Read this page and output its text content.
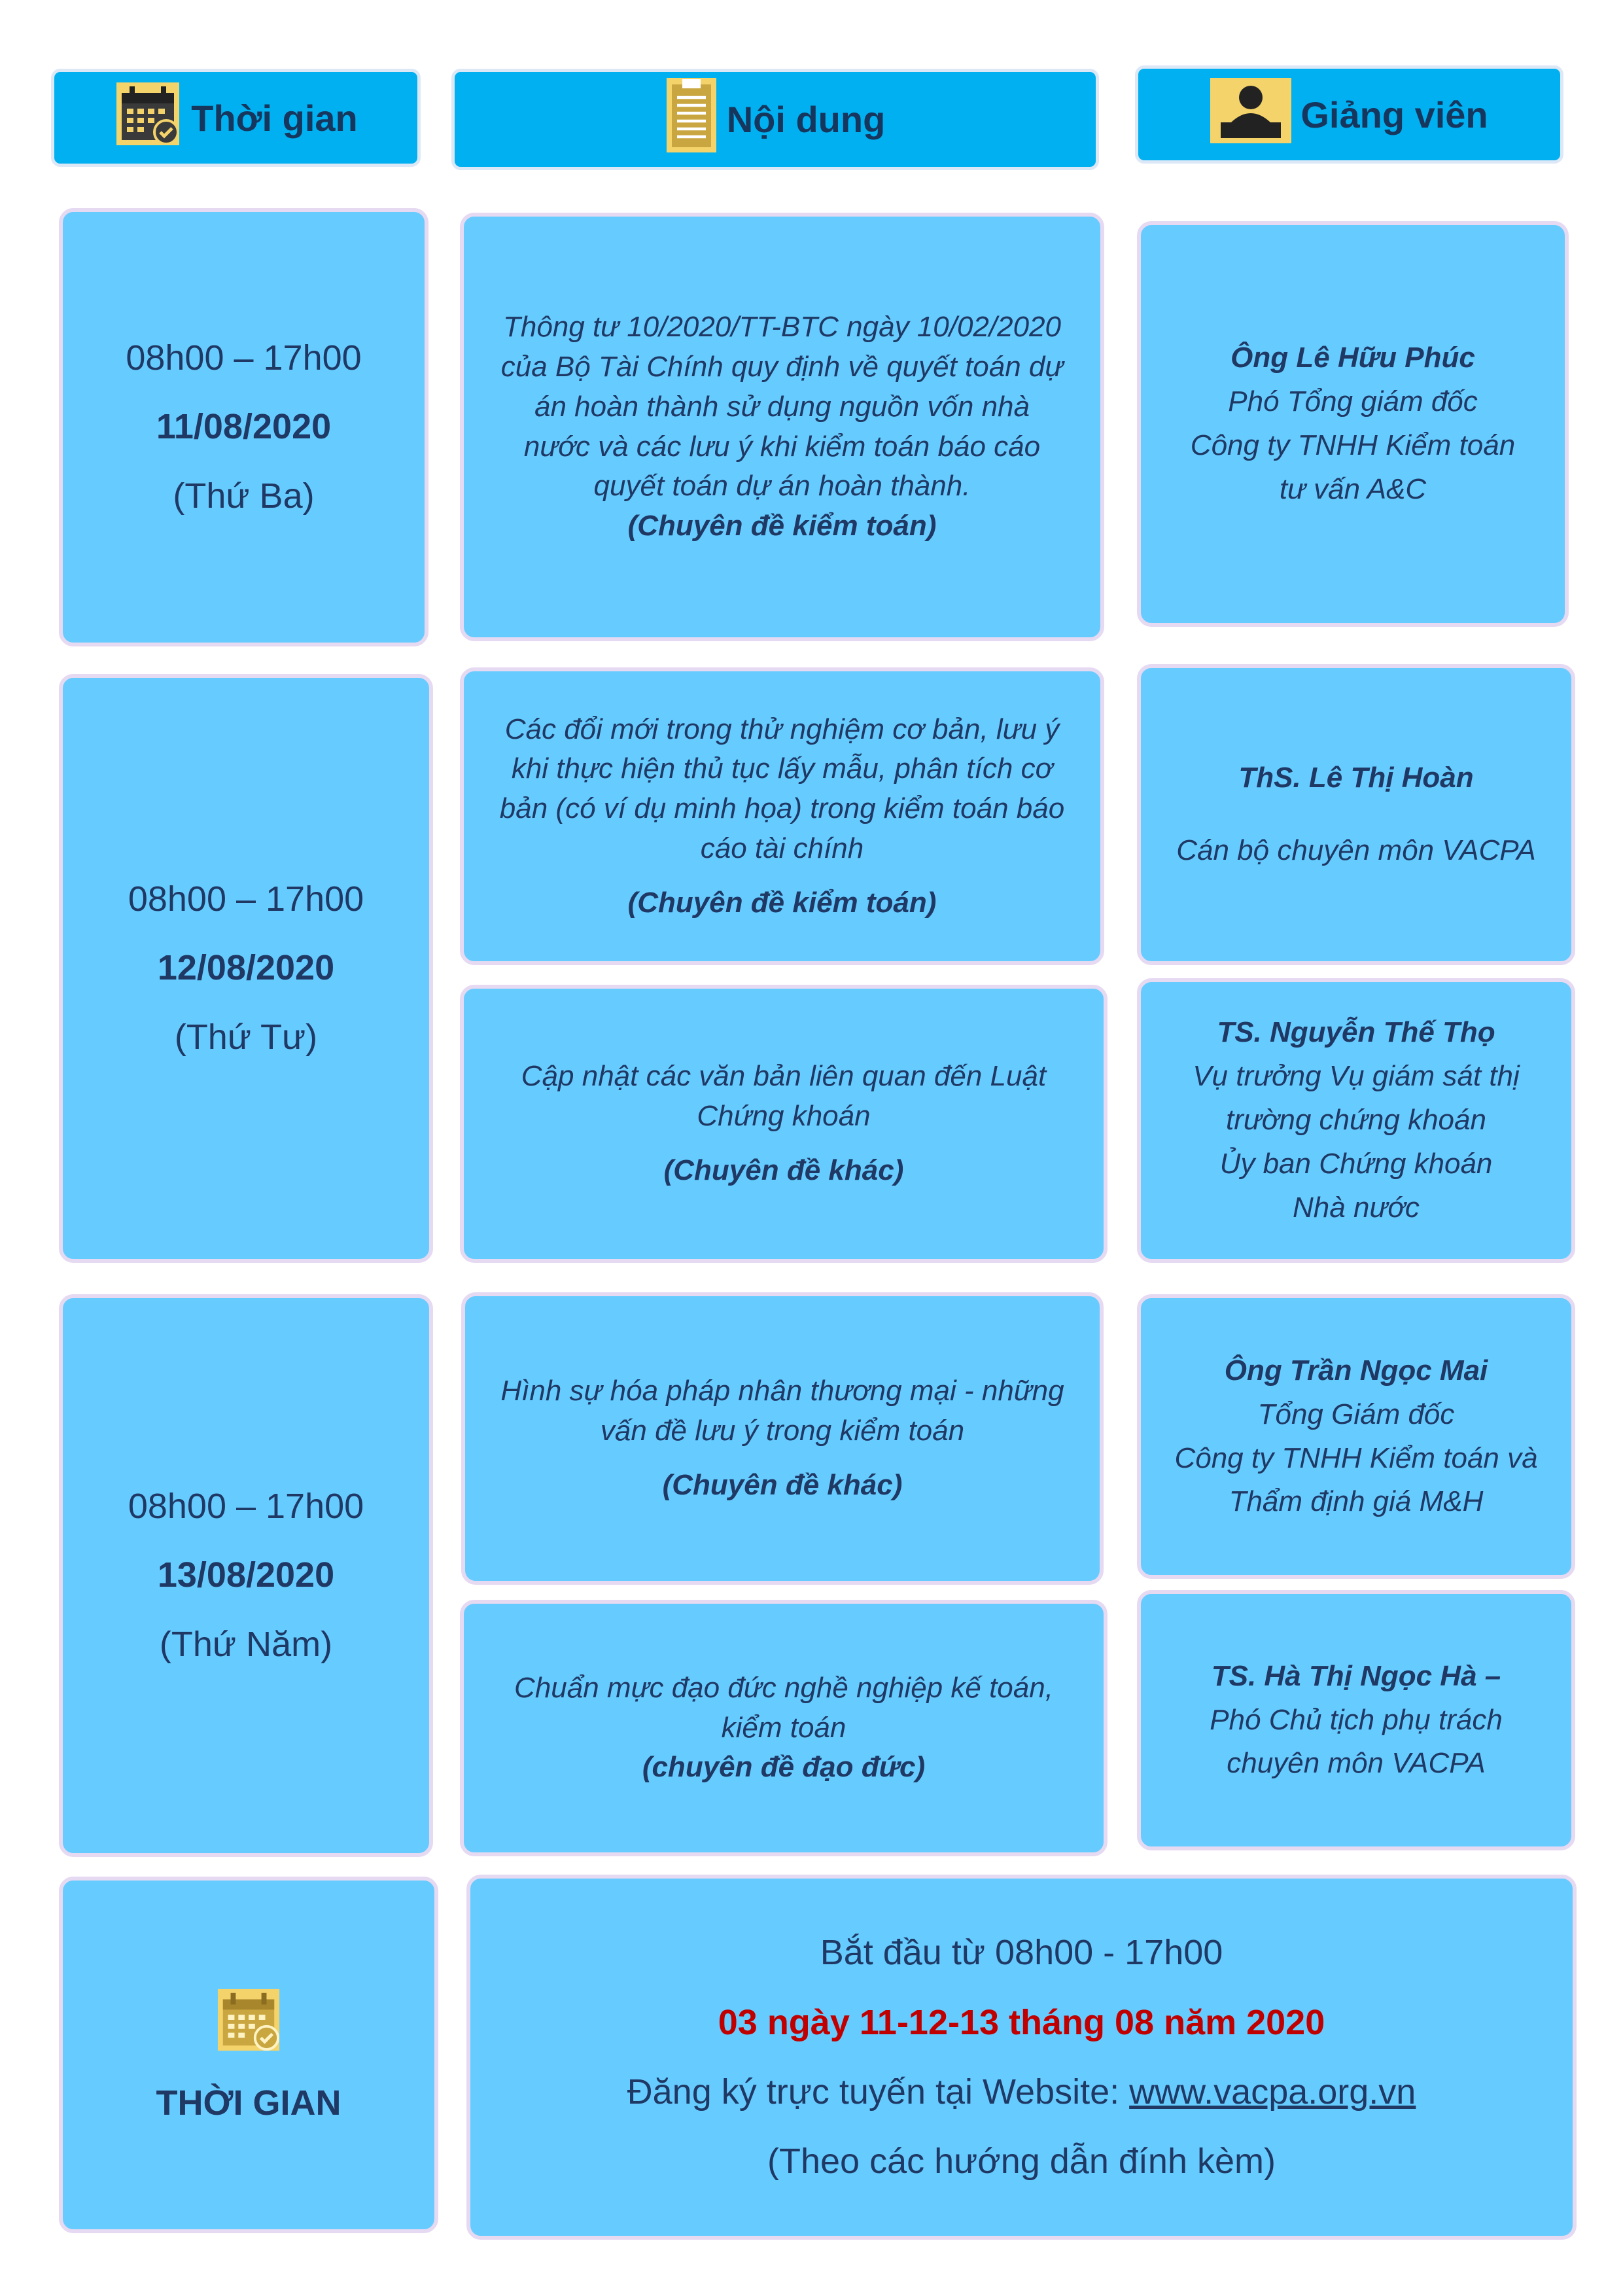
Thời gian	Nội dung	Giảng viên
08h00 – 17h00
11/08/2020
(Thứ Ba)
Thông tư 10/2020/TT-BTC ngày 10/02/2020
của Bộ Tài Chính quy định về quyết toán dự
án hoàn thành sử dụng nguồn vốn nhà
nước và các lưu ý khi kiểm toán báo cáo
quyết toán dự án hoàn thành.
(Chuyên đề kiểm toán)
Ông Lê Hữu Phúc
Phó Tổng giám đốc
Công ty TNHH Kiểm toán
tư vấn A&C
08h00 – 17h00
12/08/2020
(Thứ Tư)
Các đổi mới trong thử nghiệm cơ bản, lưu ý
khi thực hiện thủ tục lấy mẫu, phân tích cơ
bản (có ví dụ minh họa) trong kiểm toán báo
cáo tài chính
(Chuyên đề kiểm toán)
ThS. Lê Thị Hoàn
Cán bộ chuyên môn VACPA
Cập nhật các văn bản liên quan đến Luật
Chứng khoán
(Chuyên đề khác)
TS. Nguyễn Thế Thọ
Vụ trưởng Vụ giám sát thị
trường chứng khoán
Ủy ban Chứng khoán
Nhà nước
08h00 – 17h00
13/08/2020
(Thứ Năm)
Hình sự hóa pháp nhân thương mại - những
vấn đề lưu ý trong kiểm toán
(Chuyên đề khác)
Ông Trần Ngọc Mai
Tổng Giám đốc
Công ty TNHH Kiểm toán và
Thẩm định giá M&H
Chuẩn mực đạo đức nghề nghiệp kế toán,
kiểm toán
(chuyên đề đạo đức)
TS. Hà Thị Ngọc Hà –
Phó Chủ tịch phụ trách
chuyên môn VACPA
THỜI GIAN
Bắt đầu từ 08h00 - 17h00
03 ngày 11-12-13 tháng 08 năm 2020
Đăng ký trực tuyến tại Website: www.vacpa.org.vn
(Theo các hướng dẫn đính kèm)
